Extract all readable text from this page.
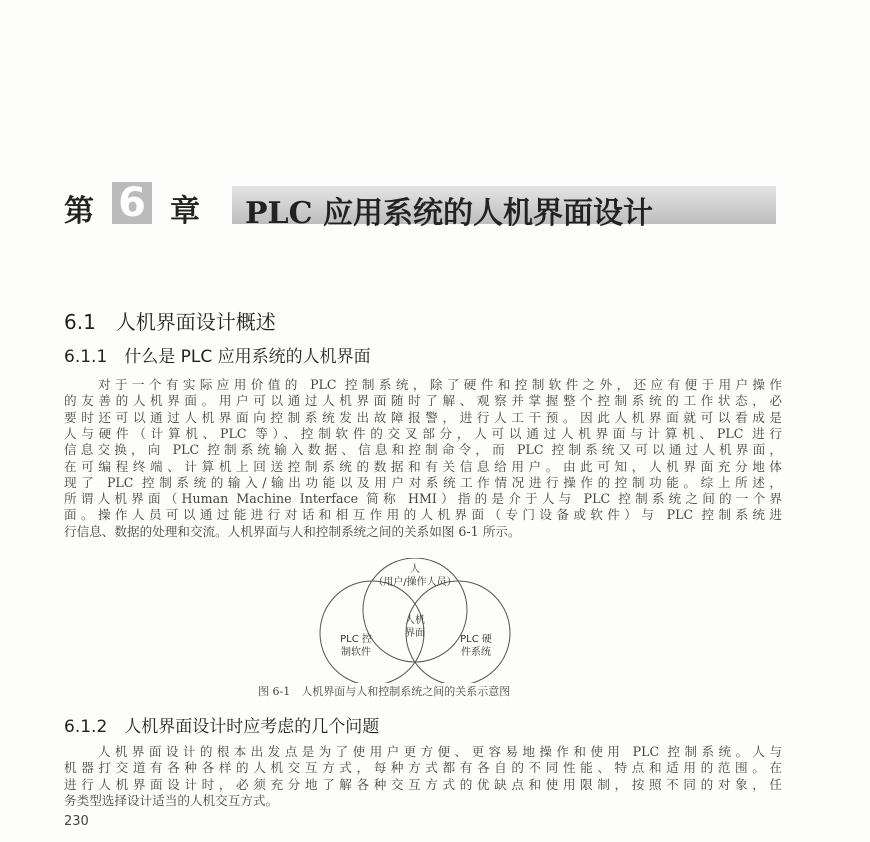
第 6 章 PLC 应用系统的人机界面设计
6.1　人机界面设计概述
6.1.1　什么是 PLC 应用系统的人机界面
　　对于一个有实际应用价值的 PLC 控制系统，除了硬件和控制软件之外，还应有便于用户操作
的友善的人机界面。用户可以通过人机界面随时了解、观察并掌握整个控制系统的工作状态，必
要时还可以通过人机界面向控制系统发出故障报警，进行人工干预。因此人机界面就可以看成是
人与硬件（计算机、PLC 等）、控制软件的交叉部分，人可以通过人机界面与计算机、PLC 进行
信息交换，向 PLC 控制系统输入数据、信息和控制命令，而 PLC 控制系统又可以通过人机界面，
在可编程终端、计算机上回送控制系统的数据和有关信息给用户。由此可知，人机界面充分地体
现了 PLC 控制系统的输入/输出功能以及用户对系统工作情况进行操作的控制功能。综上所述，
所谓人机界面（Human Machine Interface 简称 HMI）指的是介于人与 PLC 控制系统之间的一个界
面。操作人员可以通过能进行对话和相互作用的人机界面（专门设备或软件）与 PLC 控制系统进
行信息、数据的处理和交流。人机界面与人和控制系统之间的关系如图 6-1 所示。
人
（用户/操作人员）
人机
界面
PLC 控
制软件
PLC 硬
件系统
图 6-1　人机界面与人和控制系统之间的关系示意图
6.1.2　人机界面设计时应考虑的几个问题
　　人机界面设计的根本出发点是为了使用户更方便、更容易地操作和使用 PLC 控制系统。人与
机器打交道有各种各样的人机交互方式，每种方式都有各自的不同性能、特点和适用的范围。在
进行人机界面设计时，必须充分地了解各种交互方式的优缺点和使用限制，按照不同的对象，任
务类型选择设计适当的人机交互方式。
230
